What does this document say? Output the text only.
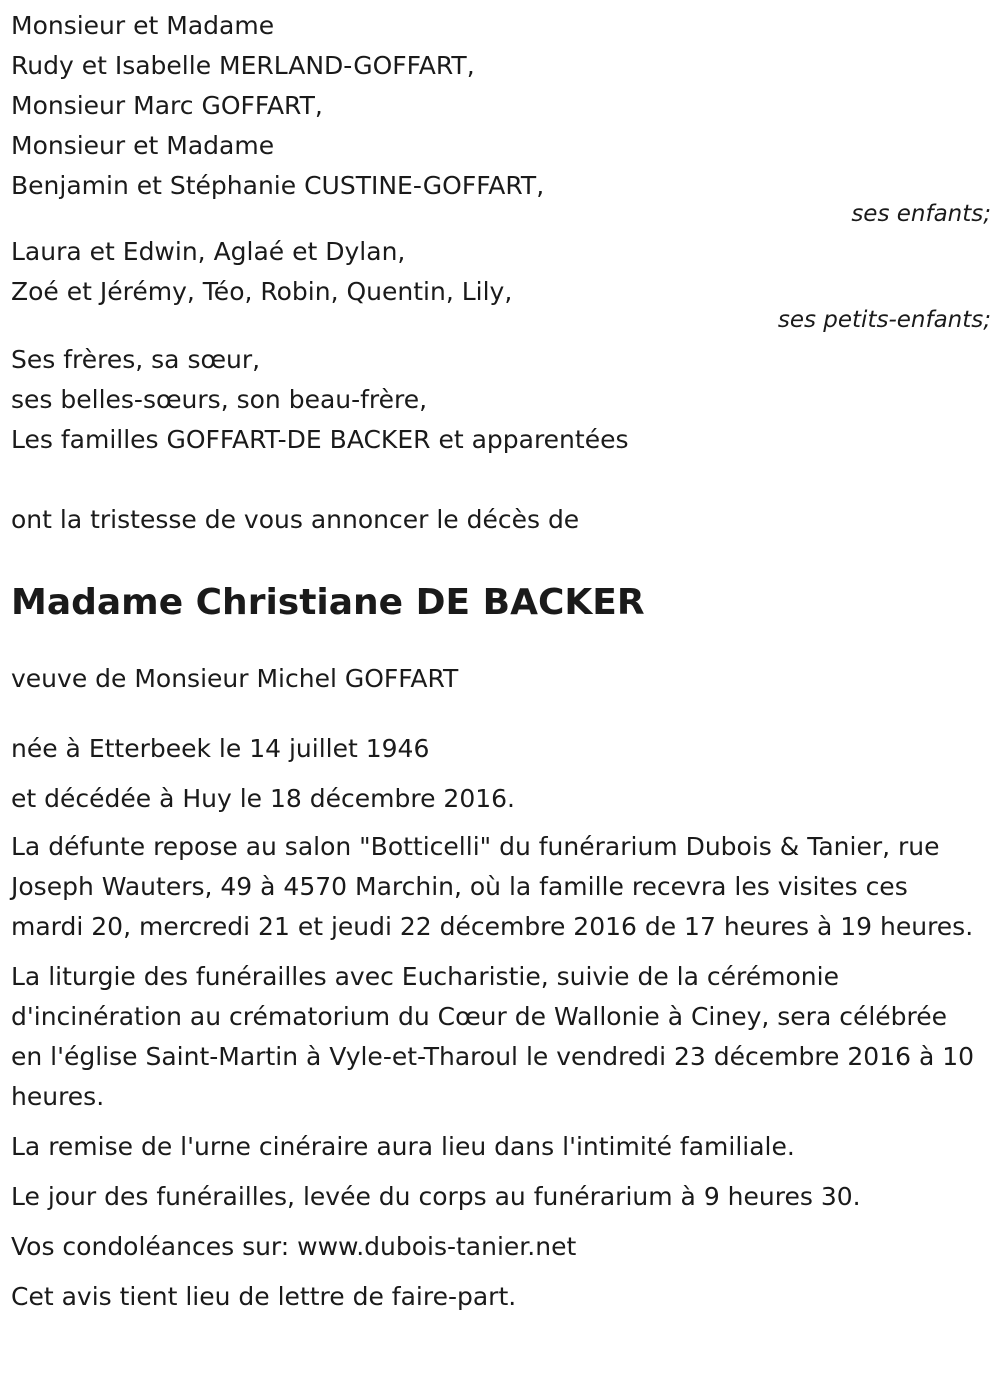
Monsieur et Madame
Rudy et Isabelle MERLAND-GOFFART,
Monsieur Marc GOFFART,
Monsieur et Madame
Benjamin et Stéphanie CUSTINE-GOFFART,
ses enfants;
Laura et Edwin, Aglaé et Dylan,
Zoé et Jérémy, Téo, Robin, Quentin, Lily,
ses petits-enfants;
Ses frères, sa sœur,
ses belles-sœurs, son beau-frère,
Les familles GOFFART-DE BACKER et apparentées
ont la tristesse de vous annoncer le décès de
Madame Christiane DE BACKER
veuve de Monsieur Michel GOFFART
née à Etterbeek le 14 juillet 1946
et décédée à Huy le 18 décembre 2016.

La défunte repose au salon "Botticelli" du funérarium Dubois & Tanier, rue Joseph Wauters, 49 à 4570 Marchin, où la famille recevra les visites ces mardi 20, mercredi 21 et jeudi 22 décembre 2016 de 17 heures à 19 heures.

La liturgie des funérailles avec Eucharistie, suivie de la cérémonie d'incinération au crématorium du Cœur de Wallonie à Ciney, sera célébrée en l'église Saint-Martin à Vyle-et-Tharoul le vendredi 23 décembre 2016 à 10 heures.

La remise de l'urne cinéraire aura lieu dans l'intimité familiale.

Le jour des funérailles, levée du corps au funérarium à 9 heures 30.

Vos condoléances sur: www.dubois-tanier.net

Cet avis tient lieu de lettre de faire-part.
